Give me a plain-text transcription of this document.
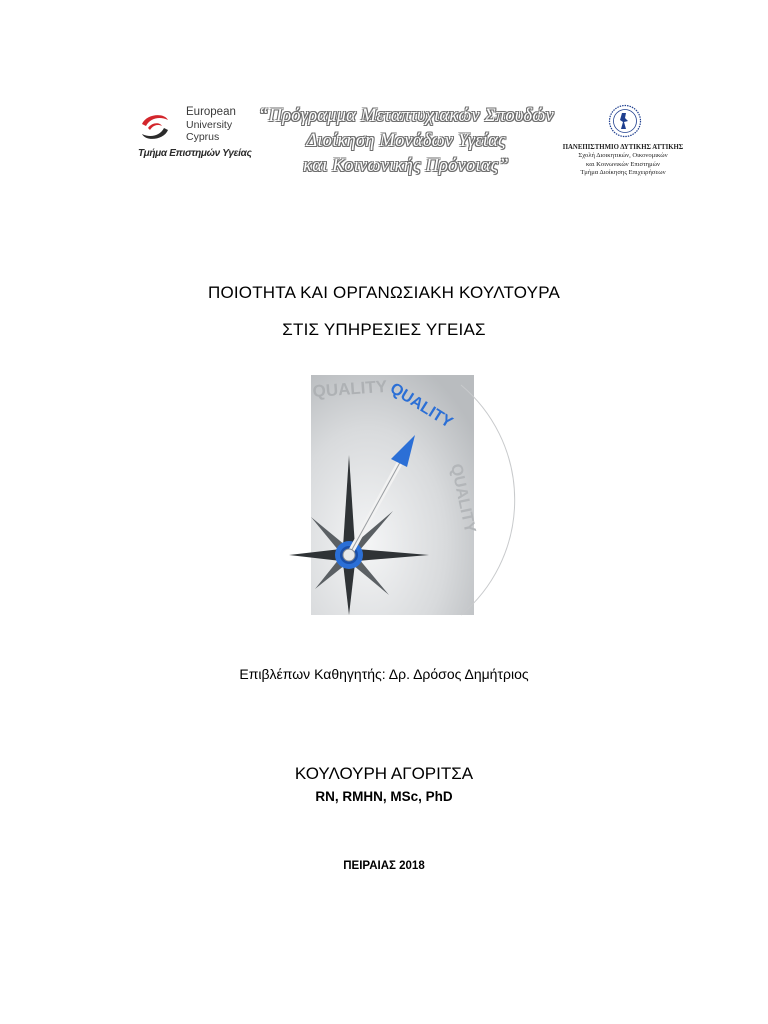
European
University
Cyprus
Τμήμα Επιστημών Υγείας
“Πρόγραμμα Μεταπτυχιακών Σπουδών
Διοίκηση Μονάδων Υγείας
και Κοινωνικής Πρόνοιας”
ΠΑΝΕΠΙΣΤΗΜΙΟ ΔΥΤΙΚΗΣ ΑΤΤΙΚΗΣ
Σχολή Διοικητικών, Οικονομικών
και Κοινωνικών Επιστημών
Τμήμα Διοίκησης Επιχειρήσεων
ΠΟΙΟΤΗΤΑ ΚΑΙ ΟΡΓΑΝΩΣΙΑΚΗ ΚΟΥΛΤΟΥΡΑ
ΣΤΙΣ ΥΠΗΡΕΣΙΕΣ ΥΓΕΙΑΣ
QUALITY QUALITY
QUALITY
Επιβλέπων Καθηγητής: Δρ. Δρόσος Δημήτριος
ΚΟΥΛΟΥΡΗ ΑΓΟΡΙΤΣΑ
RN, RMHN, MSc, PhD
ΠΕΙΡΑΙΑΣ 2018
